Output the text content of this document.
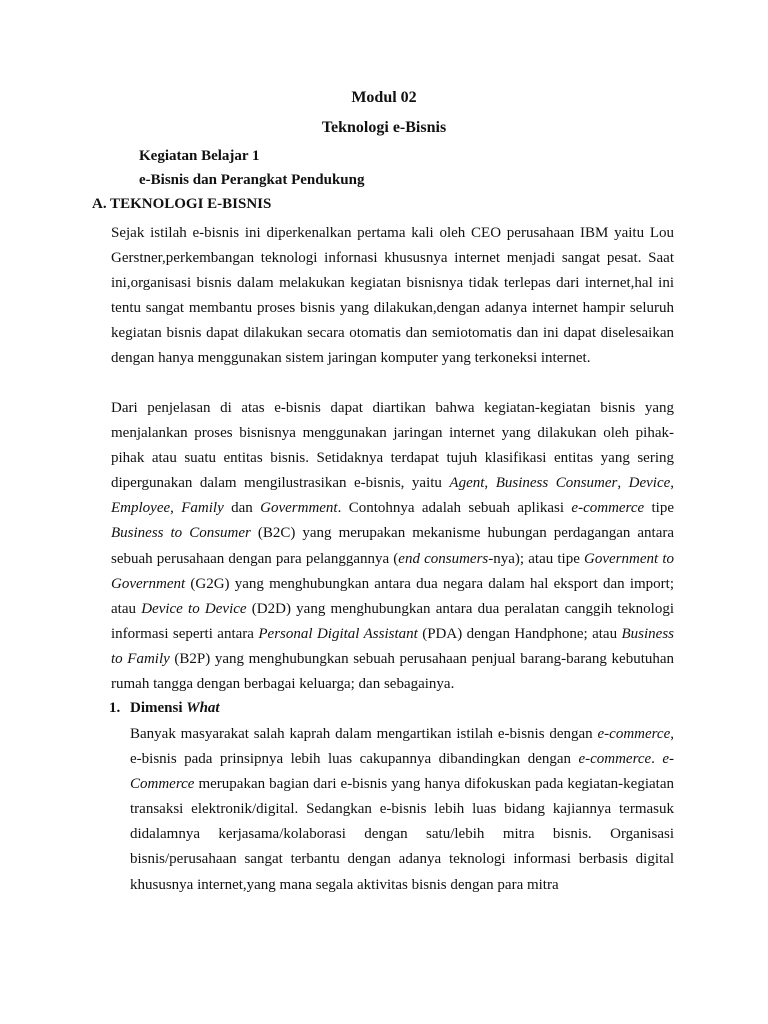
Modul 02
Teknologi e-Bisnis
Kegiatan Belajar 1
e-Bisnis dan Perangkat Pendukung
A. TEKNOLOGI E-BISNIS

Sejak istilah e-bisnis ini diperkenalkan pertama kali oleh CEO perusahaan IBM yaitu Lou Gerstner,perkembangan teknologi infornasi khususnya internet menjadi sangat pesat. Saat ini,organisasi bisnis dalam melakukan kegiatan bisnisnya tidak terlepas dari internet,hal ini tentu sangat membantu proses bisnis yang dilakukan,dengan adanya internet hampir seluruh kegiatan bisnis dapat dilakukan secara otomatis dan semiotomatis dan ini dapat diselesaikan dengan hanya menggunakan sistem jaringan komputer yang terkoneksi internet.

Dari penjelasan di atas e-bisnis dapat diartikan bahwa kegiatan-kegiatan bisnis yang menjalankan proses bisnisnya menggunakan jaringan internet yang dilakukan oleh pihak-pihak atau suatu entitas bisnis. Setidaknya terdapat tujuh klasifikasi entitas yang sering dipergunakan dalam mengilustrasikan e-bisnis, yaitu Agent, Business Consumer, Device, Employee, Family dan Govermment. Contohnya adalah sebuah aplikasi e-commerce tipe Business to Consumer (B2C) yang merupakan mekanisme hubungan perdagangan antara sebuah perusahaan dengan para pelanggannya (end consumers-nya); atau tipe Government to Government (G2G) yang menghubungkan antara dua negara dalam hal eksport dan import; atau Device to Device (D2D) yang menghubungkan antara dua peralatan canggih teknologi informasi seperti antara Personal Digital Assistant (PDA) dengan Handphone; atau Business to Family (B2P) yang menghubungkan sebuah perusahaan penjual barang-barang kebutuhan rumah tangga dengan berbagai keluarga; dan sebagainya.

1. Dimensi What

Banyak masyarakat salah kaprah dalam mengartikan istilah e-bisnis dengan e-commerce, e-bisnis pada prinsipnya lebih luas cakupannya dibandingkan dengan e-commerce. e-Commerce merupakan bagian dari e-bisnis yang hanya difokuskan pada kegiatan-kegiatan transaksi elektronik/digital. Sedangkan e-bisnis lebih luas bidang kajiannya termasuk didalamnya kerjasama/kolaborasi dengan satu/lebih mitra bisnis. Organisasi bisnis/perusahaan sangat terbantu dengan adanya teknologi informasi berbasis digital khususnya internet,yang mana segala aktivitas bisnis dengan para mitra
